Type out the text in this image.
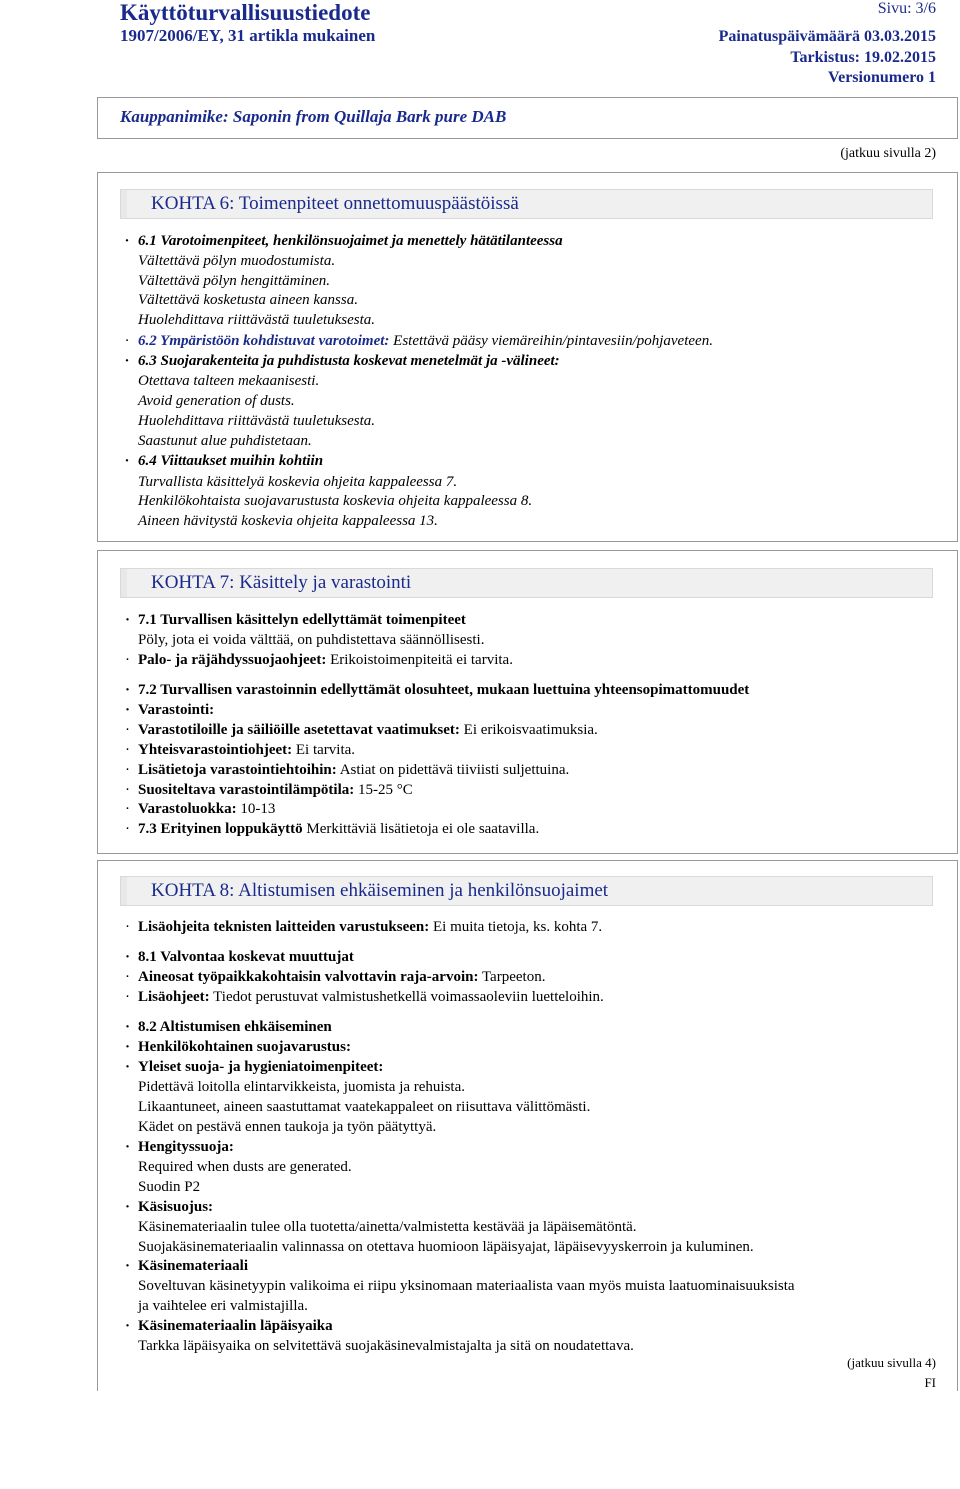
Käyttöturvallisuustiedote
1907/2006/EY, 31 artikla mukainen
Sivu: 3/6
Painatuspäivämäärä 03.03.2015
Tarkistus: 19.02.2015
Versionumero 1
Kauppanimike: Saponin from Quillaja Bark pure DAB
(jatkuu sivulla 2)
KOHTA 6: Toimenpiteet onnettomuuspäästöissä
· 6.1 Varotoimenpiteet, henkilönsuojaimet ja menettely hätätilanteessa
Vältettävä pölyn muodostumista.
Vältettävä pölyn hengittäminen.
Vältettävä kosketusta aineen kanssa.
Huolehdittava riittävästä tuuletuksesta.
· 6.2 Ympäristöön kohdistuvat varotoimet: Estettävä pääsy viemäreihin/pintavesiin/pohjaveteen.
· 6.3 Suojarakenteita ja puhdistusta koskevat menetelmät ja -välineet:
Otettava talteen mekaanisesti.
Avoid generation of dusts.
Huolehdittava riittävästä tuuletuksesta.
Saastunut alue puhdistetaan.
· 6.4 Viittaukset muihin kohtiin
Turvallista käsittelyä koskevia ohjeita kappaleessa 7.
Henkilökohtaista suojavarustusta koskevia ohjeita kappaleessa 8.
Aineen hävitystä koskevia ohjeita kappaleessa 13.
KOHTA 7: Käsittely ja varastointi
· 7.1 Turvallisen käsittelyn edellyttämät toimenpiteet
Pöly, jota ei voida välttää, on puhdistettava säännöllisesti.
· Palo- ja räjähdyssuojaohjeet: Erikoistoimenpiteitä ei tarvita.
· 7.2 Turvallisen varastoinnin edellyttämät olosuhteet, mukaan luettuina yhteensopimattomuudet
· Varastointi:
· Varastotiloille ja säiliöille asetettavat vaatimukset: Ei erikoisvaatimuksia.
· Yhteisvarastointiohjeet: Ei tarvita.
· Lisätietoja varastointiehtoihin: Astiat on pidettävä tiiviisti suljettuina.
· Suositeltava varastointilämpötila: 15-25 °C
· Varastoluokka: 10-13
· 7.3 Erityinen loppukäyttö Merkittäviä lisätietoja ei ole saatavilla.
KOHTA 8: Altistumisen ehkäiseminen ja henkilönsuojaimet
· Lisäohjeita teknisten laitteiden varustukseen: Ei muita tietoja, ks. kohta 7.
· 8.1 Valvontaa koskevat muuttujat
· Aineosat työpaikkakohtaisin valvottavin raja-arvoin: Tarpeeton.
· Lisäohjeet: Tiedot perustuvat valmistushetkellä voimassaoleviin luetteloihin.
· 8.2 Altistumisen ehkäiseminen
· Henkilökohtainen suojavarustus:
· Yleiset suoja- ja hygieniatoimenpiteet:
Pidettävä loitolla elintarvikkeista, juomista ja rehuista.
Likaantuneet, aineen saastuttamat vaatekappaleet on riisuttava välittömästi.
Kädet on pestävä ennen taukoja ja työn päätyttyä.
· Hengityssuoja:
Required when dusts are generated.
Suodin P2
· Käsisuojus:
Käsinemateriaalin tulee olla tuotetta/ainetta/valmistetta kestävää ja läpäisemätöntä.
Suojakäsinemateriaalin valinnassa on otettava huomioon läpäisyajat, läpäisevyyskerroin ja kuluminen.
· Käsinemateriaali
Soveltuvan käsinetyypin valikoima ei riipu yksinomaan materiaalista vaan myös muista laatuominaisuuksista
ja vaihtelee eri valmistajilla.
· Käsinemateriaalin läpäisyaika
Tarkka läpäisyaika on selvitettävä suojakäsinevalmistajalta ja sitä on noudatettava.
(jatkuu sivulla 4)
FI
